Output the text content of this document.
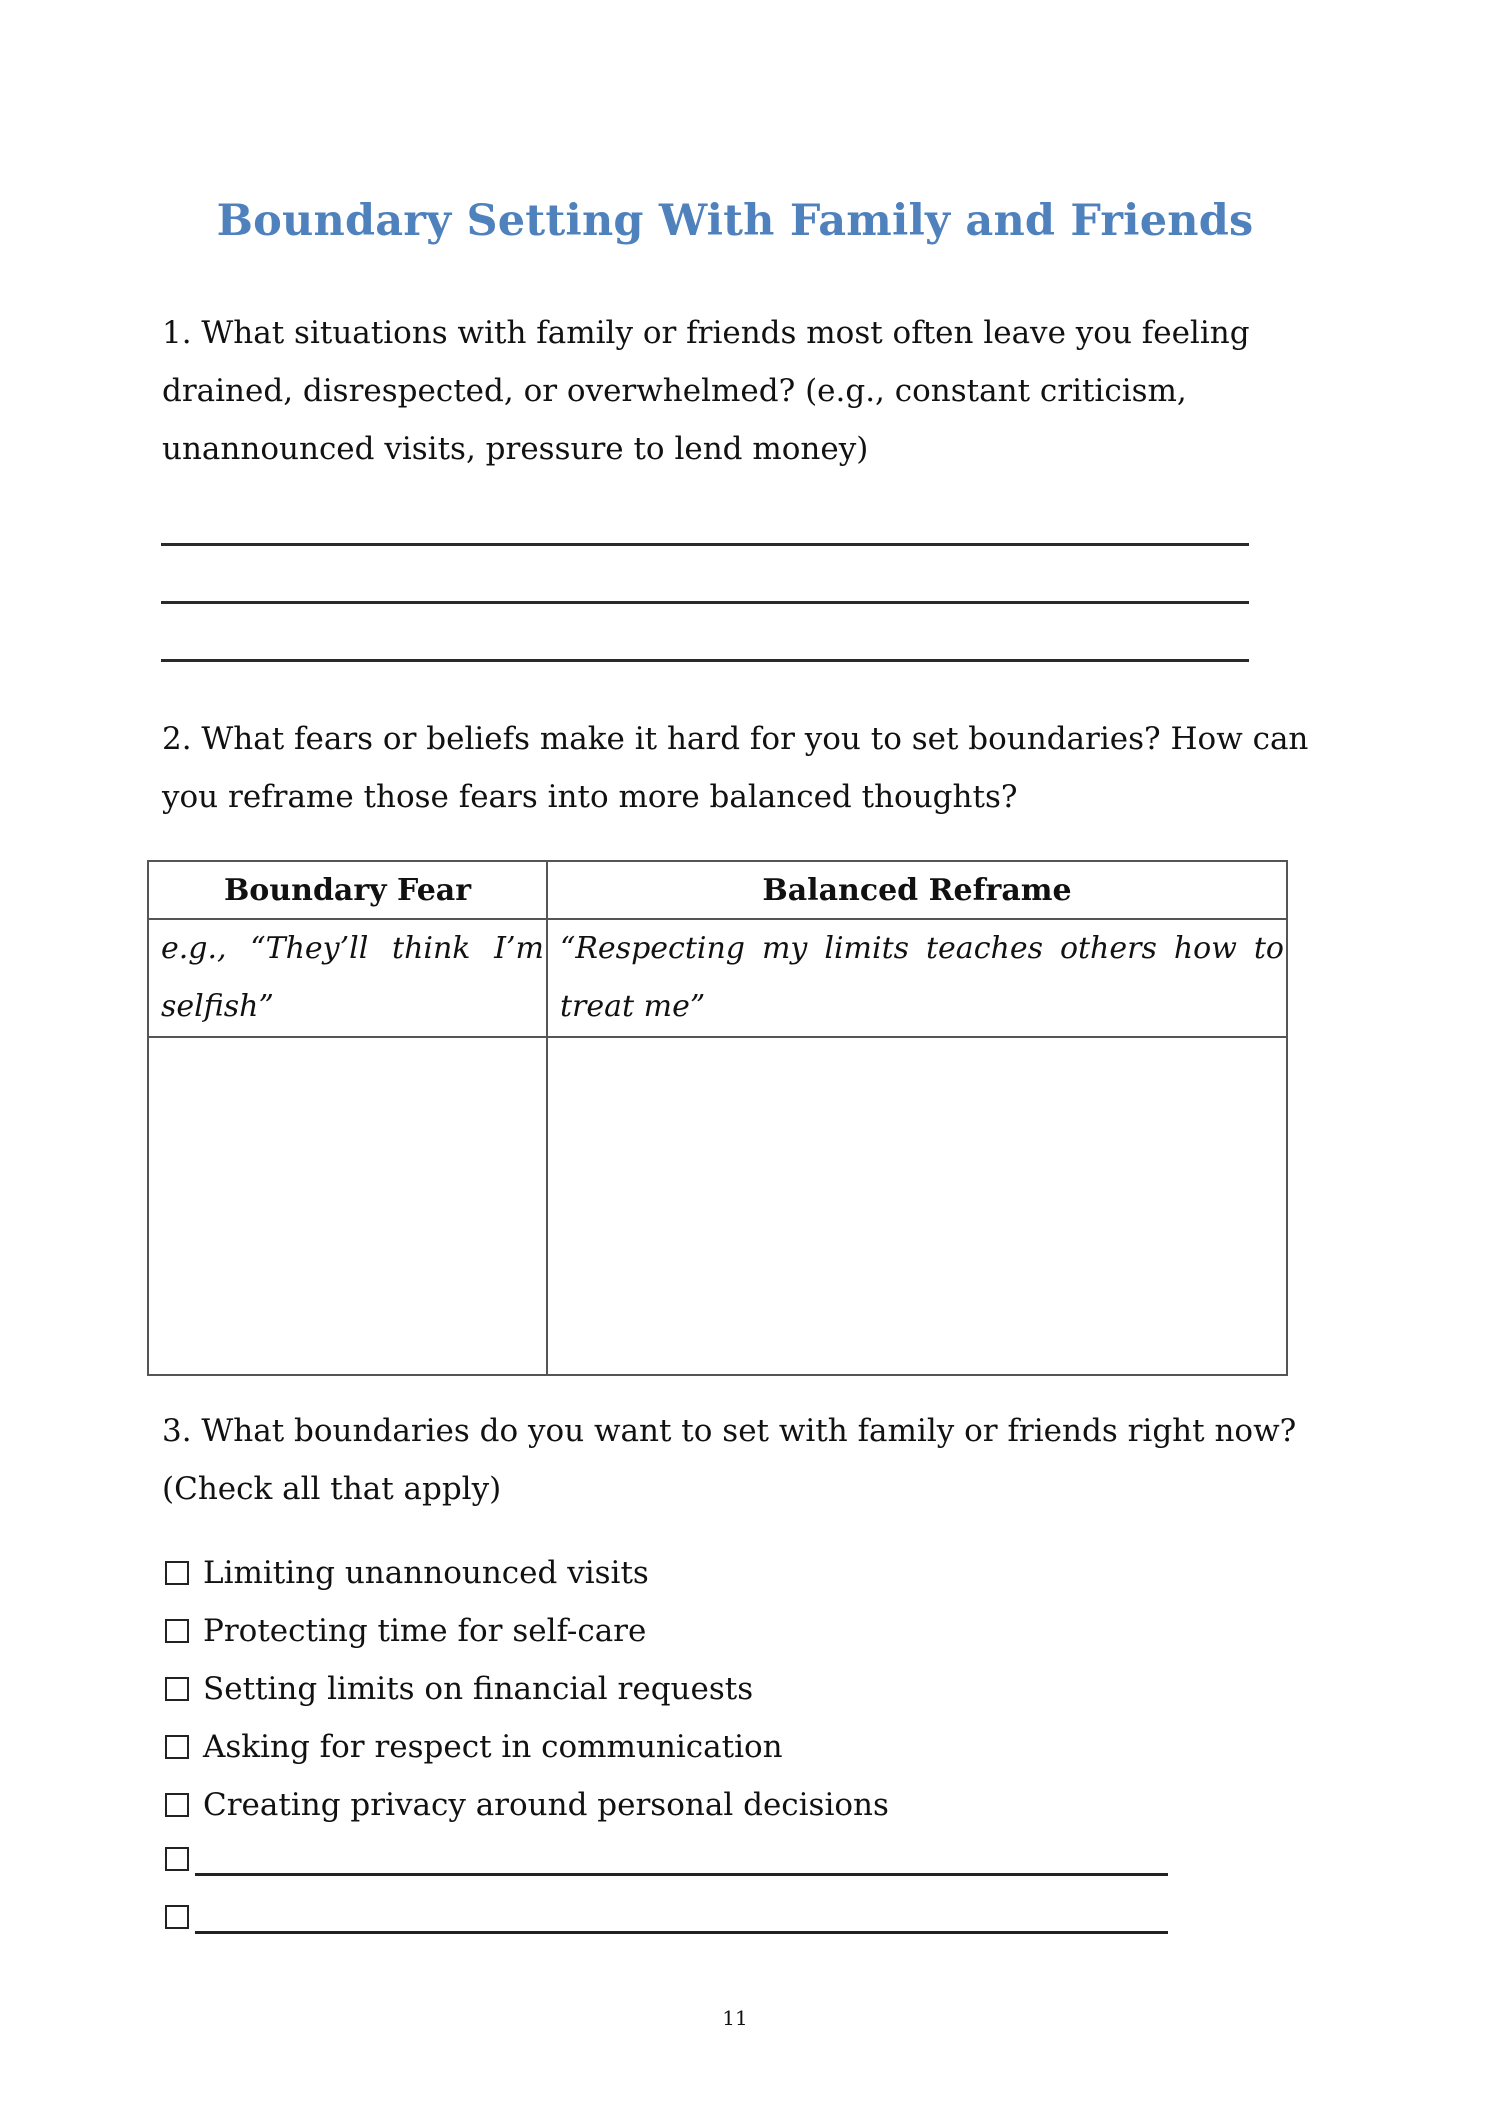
Boundary Setting With Family and Friends
1. What situations with family or friends most often leave you feeling
drained, disrespected, or overwhelmed? (e.g., constant criticism,
unannounced visits, pressure to lend money)
2. What fears or beliefs make it hard for you to set boundaries? How can
you reframe those fears into more balanced thoughts?
Boundary Fear	Balanced Reframe
e.g., “They’ll think I’m selfish”	“Respecting my limits teaches others how to treat me”

3. What boundaries do you want to set with family or friends right now?
(Check all that apply)
Limiting unannounced visits
Protecting time for self-care
Setting limits on financial requests
Asking for respect in communication
Creating privacy around personal decisions
11
